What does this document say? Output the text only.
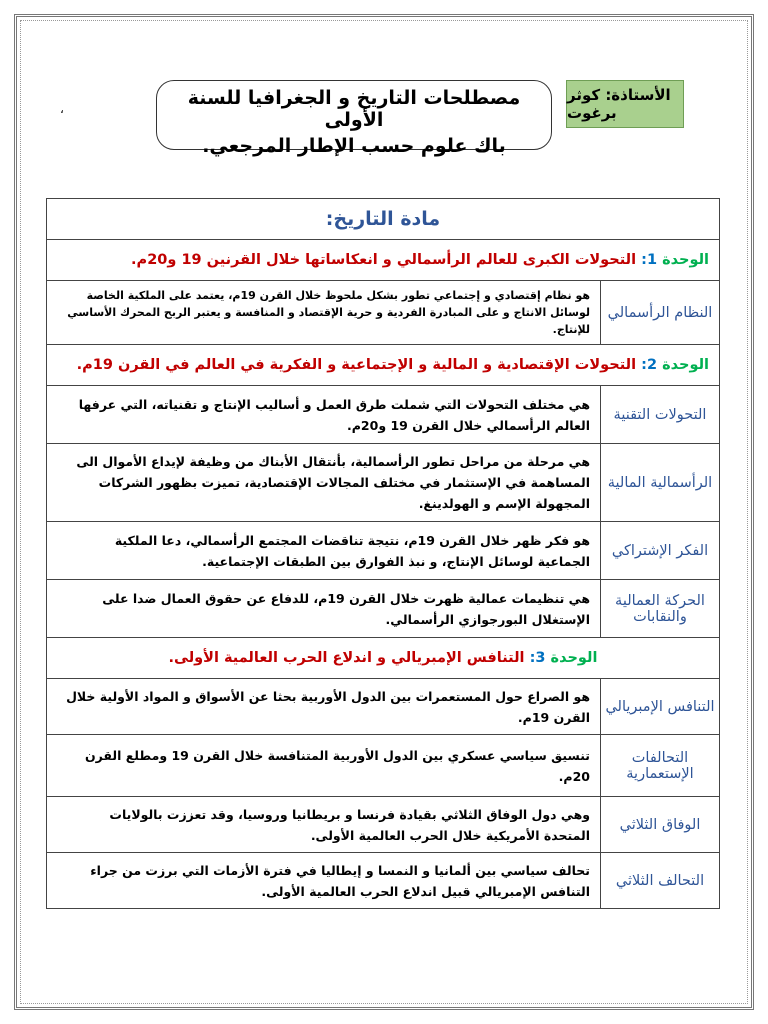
الأستاذة: كوثر برغوت
مصطلحات التاريخ و الجغرافيا للسنة الأولى
باك علوم حسب الإطار المرجعي.
،
مادة التاريخ:	
الوحدة 1: التحولات الكبرى للعالم الرأسمالي و انعكاساتها خلال القرنين 19 و20م.	
النظام الرأسمالي	هو نظام إقتصادي و إجتماعي تطور بشكل ملحوظ خلال القرن 19م، يعتمد على الملكية الخاصة لوسائل الانتاج و على المبادرة الفردية و حرية الإقتصاد و المنافسة و يعتبر الربح المحرك الأساسي للإنتاج.
الوحدة 2: التحولات الإقتصادية و المالية و الإجتماعية و الفكرية في العالم في القرن 19م.	
التحولات التقنية	هي مختلف التحولات التي شملت طرق العمل و أساليب الإنتاج و تقنياته، التي عرفها العالم الرأسمالي خلال القرن 19 و20م.
الرأسمالية المالية	هي مرحلة من مراحل تطور الرأسمالية، بأنتقال الأبناك من وظيفة لإيداع الأموال الى المساهمة في الإستثمار في مختلف المجالات الإقتصادية، تميزت بظهور الشركات المجهولة الإسم و الهولدينغ.
الفكر الإشتراكي	هو فكر ظهر خلال القرن 19م، نتيجة تناقضات المجتمع الرأسمالي، دعا الملكية الجماعية لوسائل الإنتاج، و نبذ الفوارق بين الطبقات الإجتماعية.
الحركة العمالية والنقابات	هي تنظيمات عمالية ظهرت خلال القرن 19م، للدفاع عن حقوق العمال ضدا على الإستغلال البورجوازي الرأسمالي.
الوحدة 3: التنافس الإمبريالي و اندلاع الحرب العالمية الأولى.	
التنافس الإمبريالي	هو الصراع حول المستعمرات بين الدول الأوربية بحثا عن الأسواق و المواد الأولية خلال القرن 19م.
التحالفات الإستعمارية	تنسيق سياسي عسكري بين الدول الأوربية المتنافسة خلال القرن 19 ومطلع القرن 20م.
الوفاق الثلاثي	وهي دول الوفاق الثلاثي بقيادة فرنسا و بريطانيا وروسيا، وقد تعززت بالولايات المتحدة الأمريكية خلال الحرب العالمية الأولى.
التحالف الثلاثي	تحالف سياسي بين ألمانيا و النمسا و إيطاليا في فترة الأزمات التي برزت من جراء التنافس الإمبريالي قبيل اندلاع الحرب العالمية الأولى.
